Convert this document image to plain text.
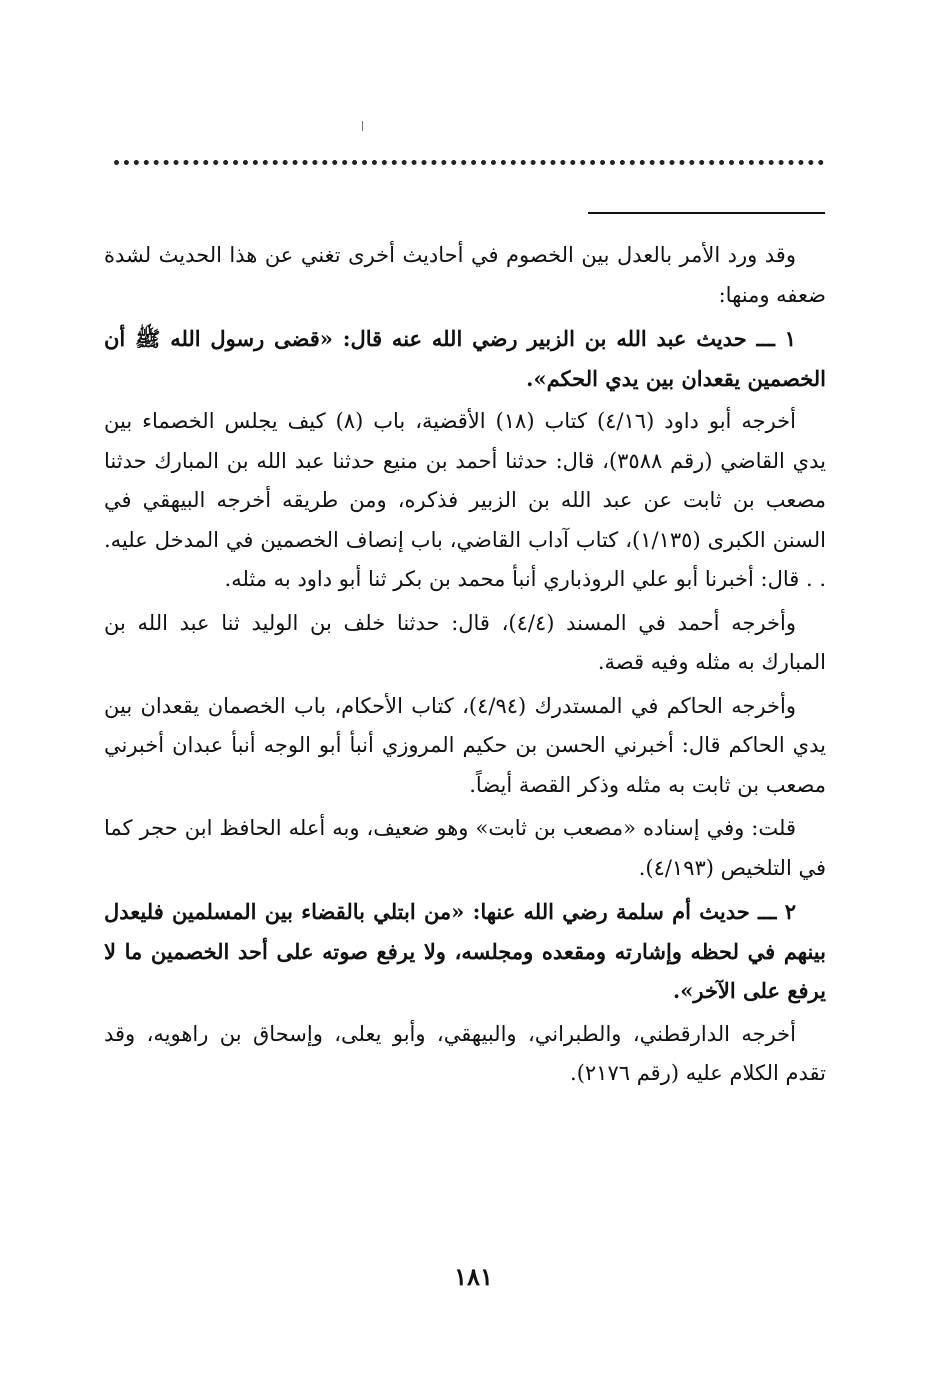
وقد ورد الأمر بالعدل بين الخصوم في أحاديث أخرى تغني عن هذا الحديث لشدة ضعفه ومنها:

١ ـــ حديث عبد الله بن الزبير رضي الله عنه قال: «قضى رسول الله ﷺ أن الخصمين يقعدان بين يدي الحكم».

أخرجه أبو داود (٤/١٦) كتاب (١٨) الأقضية، باب (٨) كيف يجلس الخصماء بين يدي القاضي (رقم ٣٥٨٨)، قال: حدثنا أحمد بن منيع حدثنا عبد الله بن المبارك حدثنا مصعب بن ثابت عن عبد الله بن الزبير فذكره، ومن طريقه أخرجه البيهقي في السنن الكبرى (١/١٣٥)، كتاب آداب القاضي، باب إنصاف الخصمين في المدخل عليه. . . قال: أخبرنا أبو علي الروذباري أنبأ محمد بن بكر ثنا أبو داود به مثله.

وأخرجه أحمد في المسند (٤/٤)، قال: حدثنا خلف بن الوليد ثنا عبد الله بن المبارك به مثله وفيه قصة.

وأخرجه الحاكم في المستدرك (٤/٩٤)، كتاب الأحكام، باب الخصمان يقعدان بين يدي الحاكم قال: أخبرني الحسن بن حكيم المروزي أنبأ أبو الوجه أنبأ عبدان أخبرني مصعب بن ثابت به مثله وذكر القصة أيضاً.

قلت: وفي إسناده «مصعب بن ثابت» وهو ضعيف، وبه أعله الحافظ ابن حجر كما في التلخيص (٤/١٩٣).

٢ ـــ حديث أم سلمة رضي الله عنها: «من ابتلي بالقضاء بين المسلمين فليعدل بينهم في لحظه وإشارته ومقعده ومجلسه، ولا يرفع صوته على أحد الخصمين ما لا يرفع على الآخر».

أخرجه الدارقطني، والطبراني، والبيهقي، وأبو يعلى، وإسحاق بن راهويه، وقد تقدم الكلام عليه (رقم ٢١٧٦).

١٨١
